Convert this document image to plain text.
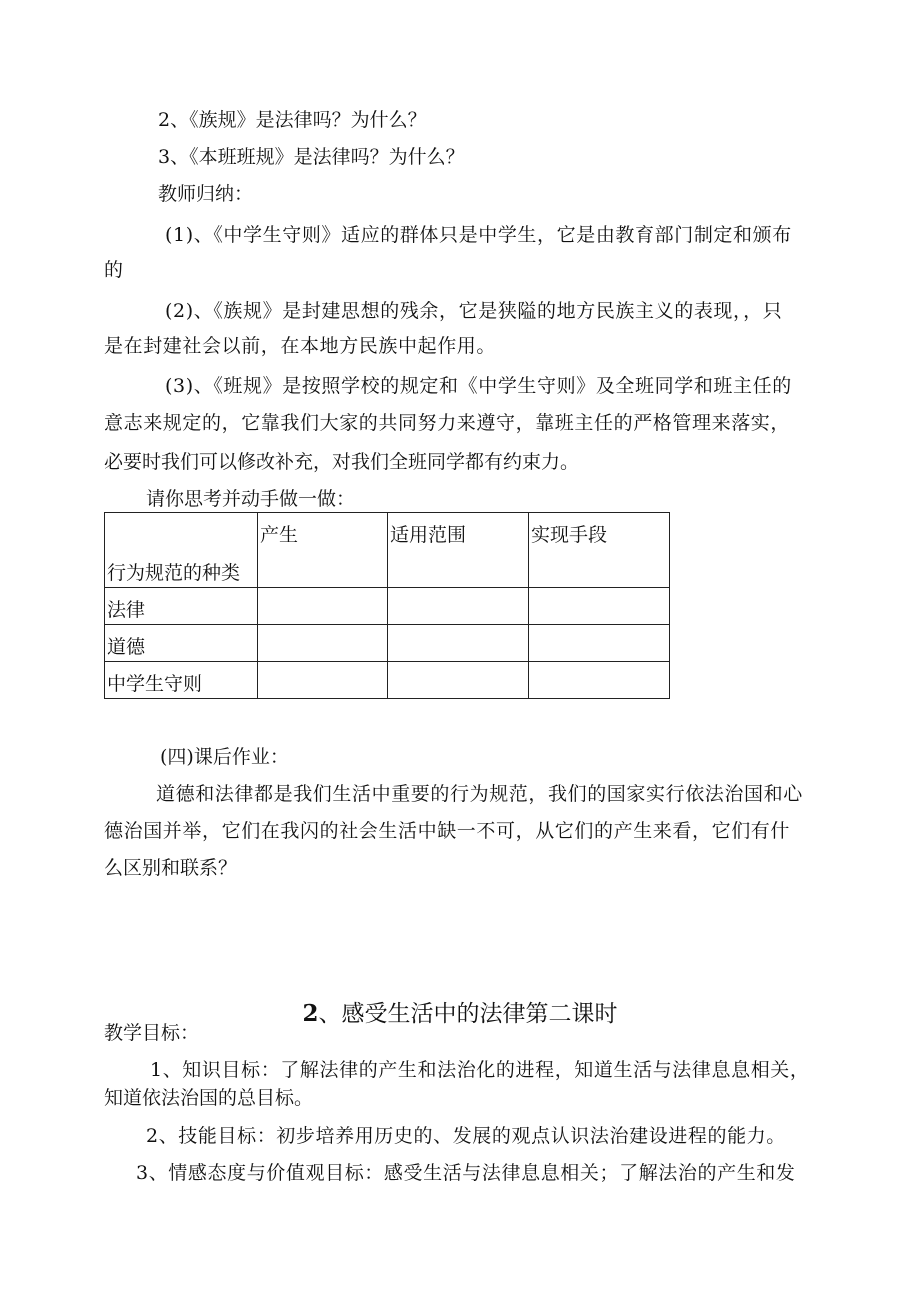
2、《族规》是法律吗？为什么？

3、《本班班规》是法律吗？为什么？

教师归纳：

(1)、《中学生守则》适应的群体只是中学生，它是由教育部门制定和颁布

的

(2)、《族规》是封建思想的残余，它是狭隘的地方民族主义的表现，，只

是在封建社会以前，在本地方民族中起作用。

(3)、《班规》是按照学校的规定和《中学生守则》及全班同学和班主任的

意志来规定的，它靠我们大家的共同努力来遵守，靠班主任的严格管理来落实，

必要时我们可以修改补充，对我们全班同学都有约束力。

请你思考并动手做一做：

行为规范的种类	产生	适用范围	实现手段

法律			

道德			

中学生守则			

(四)课后作业：

道德和法律都是我们生活中重要的行为规范，我们的国家实行依法治国和心

德治国并举，它们在我闪的社会生活中缺一不可，从它们的产生来看，它们有什

么区别和联系？

2、感受生活中的法律第二课时

教学目标：

1、知识目标：了解法律的产生和法治化的进程，知道生活与法律息息相关，

知道依法治国的总目标。

2、技能目标：初步培养用历史的、发展的观点认识法治建设进程的能力。

3、情感态度与价值观目标：感受生活与法律息息相关；了解法治的产生和发
